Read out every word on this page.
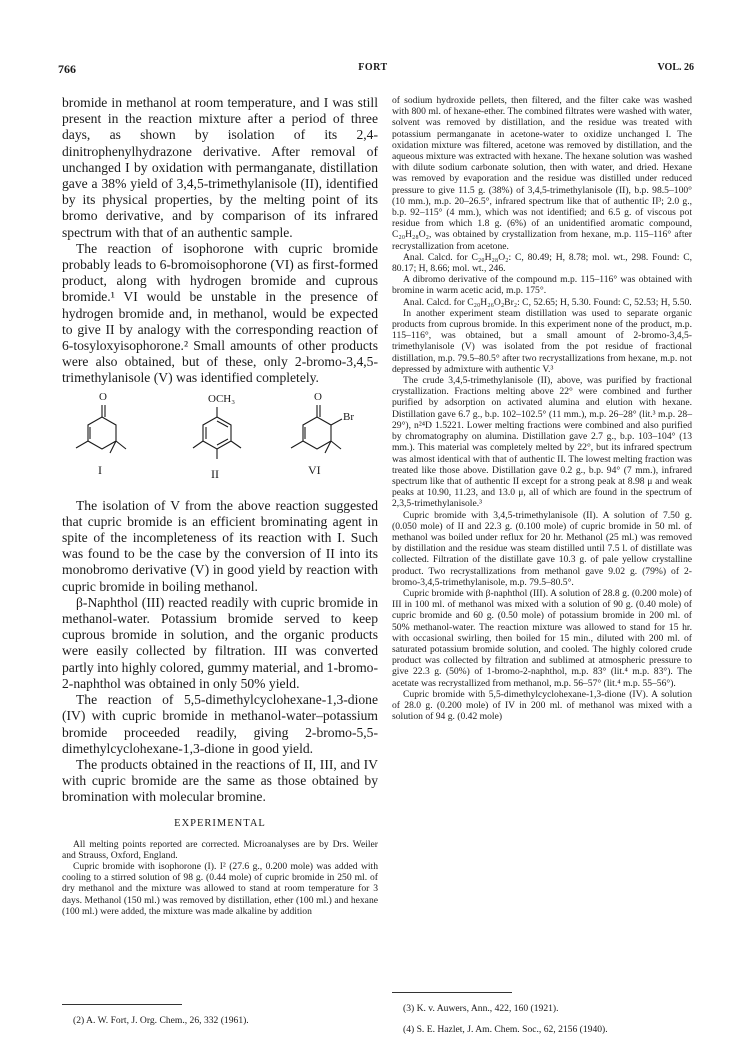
766	FORT	VOL. 26

bromide in methanol at room temperature, and I was still present in the reaction mixture after a period of three days, as shown by isolation of its 2,4-dinitrophenylhydrazone derivative. After removal of unchanged I by oxidation with permanganate, distillation gave a 38% yield of 3,4,5-trimethylanisole (II), identified by its physical properties, by the melting point of its bromo derivative, and by comparison of its infrared spectrum with that of an authentic sample.

The reaction of isophorone with cupric bromide probably leads to 6-bromoisophorone (VI) as first-formed product, along with hydrogen bromide and cuprous bromide.¹ VI would be unstable in the presence of hydrogen bromide and, in methanol, would be expected to give II by analogy with the corresponding reaction of 6-tosyloxyisophorone.² Small amounts of other products were also obtained, but of these, only 2-bromo-3,4,5-trimethylanisole (V) was identified completely.

O	OCH₃	O
Br
I	II	VI

The isolation of V from the above reaction suggested that cupric bromide is an efficient brominating agent in spite of the incompleteness of its reaction with I. Such was found to be the case by the conversion of II into its monobromo derivative (V) in good yield by reaction with cupric bromide in boiling methanol.

β-Naphthol (III) reacted readily with cupric bromide in methanol-water. Potassium bromide served to keep cuprous bromide in solution, and the organic products were easily collected by filtration. III was converted partly into highly colored, gummy material, and 1-bromo-2-naphthol was obtained in only 50% yield.

The reaction of 5,5-dimethylcyclohexane-1,3-dione (IV) with cupric bromide in methanol-water–potassium bromide proceeded readily, giving 2-bromo-5,5-dimethylcyclohexane-1,3-dione in good yield.

The products obtained in the reactions of II, III, and IV with cupric bromide are the same as those obtained by bromination with molecular bromine.

EXPERIMENTAL

All melting points reported are corrected. Microanalyses are by Drs. Weiler and Strauss, Oxford, England.

Cupric bromide with isophorone (I). I² (27.6 g., 0.200 mole) was added with cooling to a stirred solution of 98 g. (0.44 mole) of cupric bromide in 250 ml. of dry methanol and the mixture was allowed to stand at room temperature for 3 days. Methanol (150 ml.) was removed by distillation, ether (100 ml.) and hexane (100 ml.) were added, the mixture was made alkaline by addition

(2) A. W. Fort, J. Org. Chem., 26, 332 (1961).

of sodium hydroxide pellets, then filtered, and the filter cake was washed with 800 ml. of hexane-ether. The combined filtrates were washed with water, solvent was removed by distillation, and the residue was treated with potassium permanganate in acetone-water to oxidize unchanged I. The oxidation mixture was filtered, acetone was removed by distillation, and the aqueous mixture was extracted with hexane. The hexane solution was washed with dilute sodium carbonate solution, then with water, and dried. Hexane was removed by evaporation and the residue was distilled under reduced pressure to give 11.5 g. (38%) of 3,4,5-trimethylanisole (II), b.p. 98.5–100° (10 mm.), m.p. 20–26.5°, infrared spectrum like that of authentic II³; 2.0 g., b.p. 92–115° (4 mm.), which was not identified; and 6.5 g. of viscous pot residue from which 1.8 g. (6%) of an unidentified aromatic compound, C₂₀H₂₈O₂, was obtained by crystallization from hexane, m.p. 115–116° after recrystallization from acetone.

Anal. Calcd. for C₂₀H₂₈O₂: C, 80.49; H, 8.78; mol. wt., 298. Found: C, 80.17; H, 8.66; mol. wt., 246.

A dibromo derivative of the compound m.p. 115–116° was obtained with bromine in warm acetic acid, m.p. 175°.

Anal. Calcd. for C₂₀H₂₆O₂Br₂: C, 52.65; H, 5.30. Found: C, 52.53; H, 5.50.

In another experiment steam distillation was used to separate organic products from cuprous bromide. In this experiment none of the product, m.p. 115–116°, was obtained, but a small amount of 2-bromo-3,4,5-trimethylanisole (V) was isolated from the pot residue of fractional distillation, m.p. 79.5–80.5° after two recrystallizations from hexane, m.p. not depressed by admixture with authentic V.³

The crude 3,4,5-trimethylanisole (II), above, was purified by fractional crystallization. Fractions melting above 22° were combined and further purified by adsorption on activated alumina and elution with hexane. Distillation gave 6.7 g., b.p. 102–102.5° (11 mm.), m.p. 26–28° (lit.³ m.p. 28–29°), n²⁴D 1.5221. Lower melting fractions were combined and also purified by chromatography on alumina. Distillation gave 2.7 g., b.p. 103–104° (13 mm.). This material was completely melted by 22°, but its infrared spectrum was almost identical with that of authentic II. The lowest melting fraction was treated like those above. Distillation gave 0.2 g., b.p. 94° (7 mm.), infrared spectrum like that of authentic II except for a strong peak at 8.98 μ and weak peaks at 10.90, 11.23, and 13.0 μ, all of which are found in the spectrum of 2,3,5-trimethylanisole.³

Cupric bromide with 3,4,5-trimethylanisole (II). A solution of 7.50 g. (0.050 mole) of II and 22.3 g. (0.100 mole) of cupric bromide in 50 ml. of methanol was boiled under reflux for 20 hr. Methanol (25 ml.) was removed by distillation and the residue was steam distilled until 7.5 l. of distillate was collected. Filtration of the distillate gave 10.3 g. of pale yellow crystalline product. Two recrystallizations from methanol gave 9.02 g. (79%) of 2-bromo-3,4,5-trimethylanisole, m.p. 79.5–80.5°.

Cupric bromide with β-naphthol (III). A solution of 28.8 g. (0.200 mole) of III in 100 ml. of methanol was mixed with a solution of 90 g. (0.40 mole) of cupric bromide and 60 g. (0.50 mole) of potassium bromide in 200 ml. of 50% methanol-water. The reaction mixture was allowed to stand for 15 hr. with occasional swirling, then boiled for 15 min., diluted with 200 ml. of saturated potassium bromide solution, and cooled. The highly colored crude product was collected by filtration and sublimed at atmospheric pressure to give 22.3 g. (50%) of 1-bromo-2-naphthol, m.p. 83° (lit.⁴ m.p. 83°). The acetate was recrystallized from methanol, m.p. 56–57° (lit.⁴ m.p. 55–56°).

Cupric bromide with 5,5-dimethylcyclohexane-1,3-dione (IV). A solution of 28.0 g. (0.200 mole) of IV in 200 ml. of methanol was mixed with a solution of 94 g. (0.42 mole)

(3) K. v. Auwers, Ann., 422, 160 (1921).

(4) S. E. Hazlet, J. Am. Chem. Soc., 62, 2156 (1940).
